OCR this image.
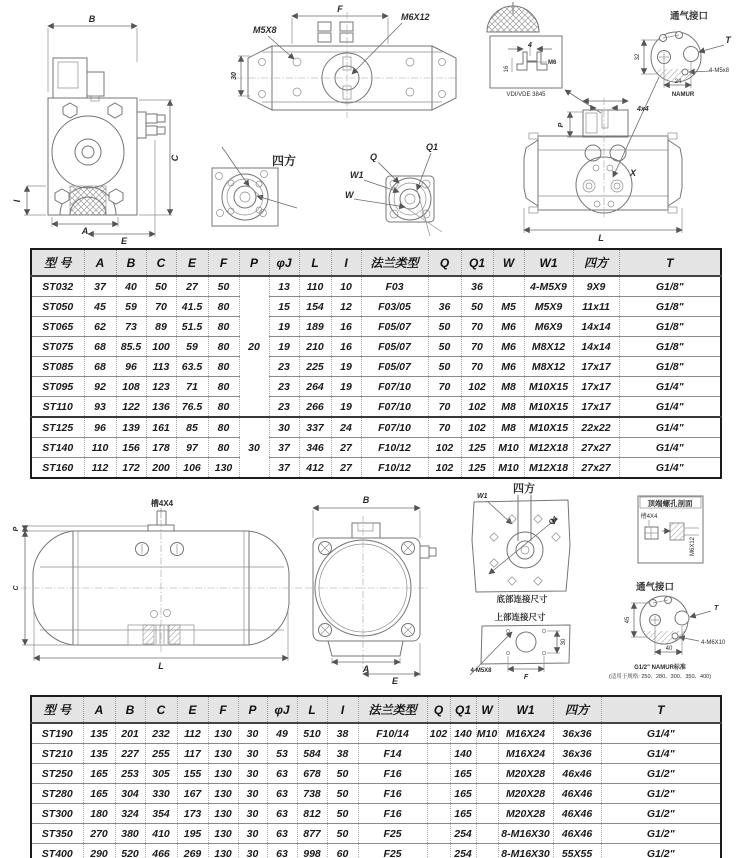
B
C
I
A
E
F
M5X8
M6X12
30
四方	Q
Q1
W1
W
4
16
M6
VDI/VDE 3845
通气接口
T
4-M5x8
32
24
NAMUR
4x4
P
X
L
型 号	A	B	C	E	F	P	φJ	L	I	法兰类型	Q	Q1	W	W1	四方	T
ST032	37	40	50	27	50	20	13	110	10	F03		36		4-M5X9	9X9	G1/8"
ST050	45	59	70	41.5	80		15	154	12	F03/05	36	50	M5	M5X9	11x11	G1/8"
ST065	62	73	89	51.5	80		19	189	16	F05/07	50	70	M6	M6X9	14x14	G1/8"
ST075	68	85.5	100	59	80		19	210	16	F05/07	50	70	M6	M8X12	14x14	G1/8"
ST085	68	96	113	63.5	80		23	225	19	F05/07	50	70	M6	M8X12	17x17	G1/8"
ST095	92	108	123	71	80		23	264	19	F07/10	70	102	M8	M10X15	17x17	G1/4"
ST110	93	122	136	76.5	80		23	266	19	F07/10	70	102	M8	M10X15	17x17	G1/4"
ST125	96	139	161	85	80	30	30	337	24	F07/10	70	102	M8	M10X15	22x22	G1/4"
ST140	110	156	178	97	80		37	346	27	F10/12	102	125	M10	M12X18	27x27	G1/4"
ST160	112	172	200	106	130		37	412	27	F10/12	102	125	M10	M12X18	27x27	G1/4"
槽4X4
P
C
L
B
A
E
四方
W1
Q1
底部连接尺寸
上部连接尺寸
4-M5X8
F
30
顶端螺孔剖面
槽4X4
M6X12
通气接口
T
4-M6X10
45
40
G1/2" NAMUR标准
(适用于规格: 250、280、300、350、400)
型 号	A	B	C	E	F	P	φJ	L	I	法兰类型	Q	Q1	W	W1	四方	T
ST190	135	201	232	112	130	30	49	510	38	F10/14	102	140	M10	M16X24	36x36	G1/4"
ST210	135	227	255	117	130	30	53	584	38	F14		140		M16X24	36x36	G1/4"
ST250	165	253	305	155	130	30	63	678	50	F16		165		M20X28	46x46	G1/2"
ST280	165	304	330	167	130	30	63	738	50	F16		165		M20X28	46X46	G1/2"
ST300	180	324	354	173	130	30	63	812	50	F16		165		M20X28	46X46	G1/2"
ST350	270	380	410	195	130	30	63	877	50	F25		254		8-M16X30	46X46	G1/2"
ST400	290	520	466	269	130	30	63	998	60	F25		254		8-M16X30	55X55	G1/2"
